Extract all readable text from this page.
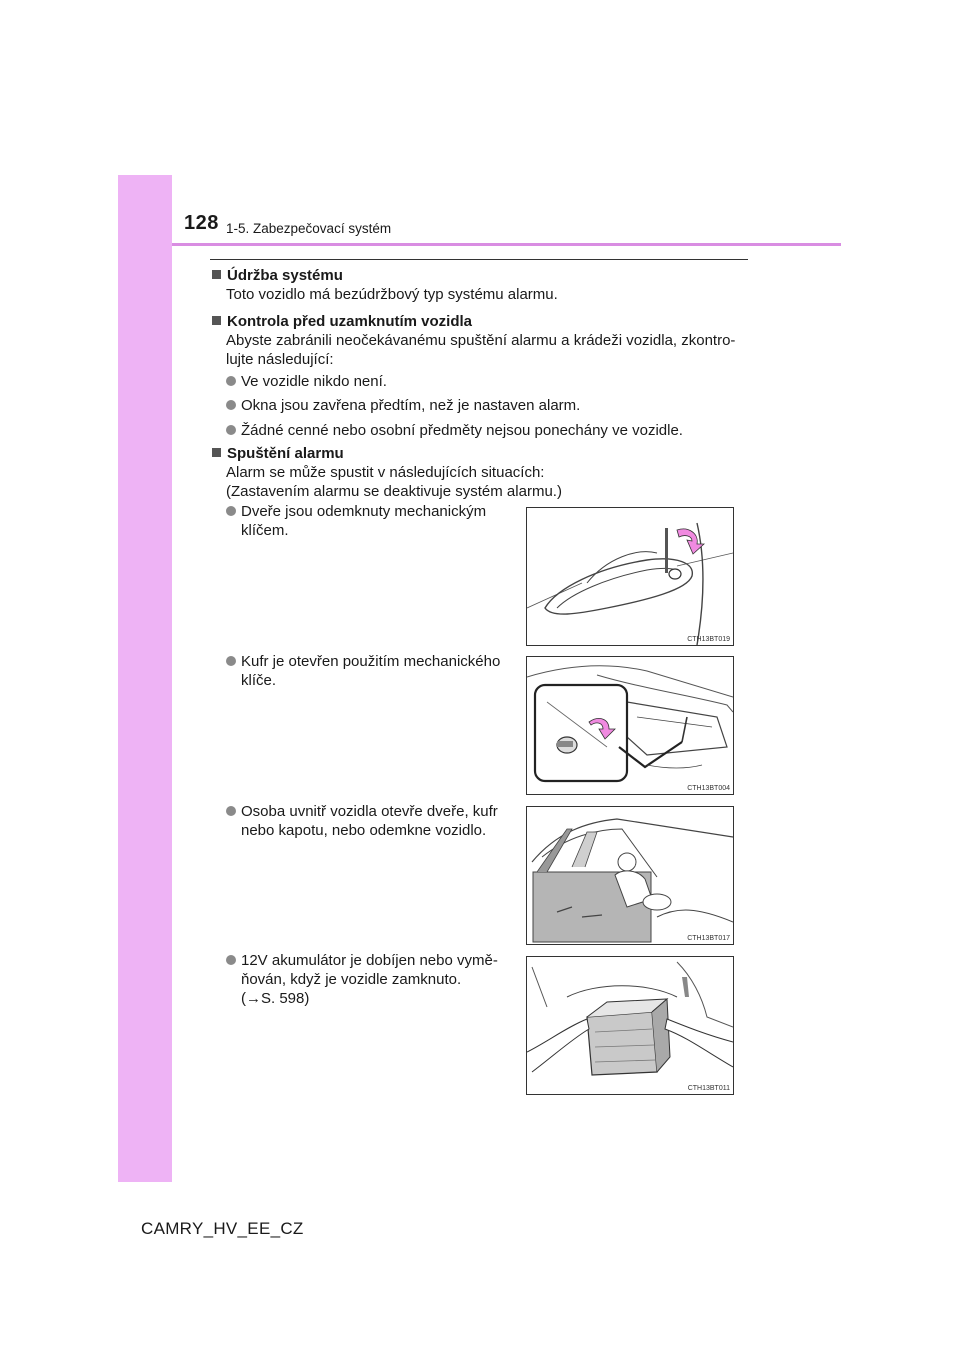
128 1-5. Zabezpečovací systém
Údržba systému
Toto vozidlo má bezúdržbový typ systému alarmu.
Kontrola před uzamknutím vozidla
Abyste zabránili neočekávanému spuštění alarmu a krádeži vozidla, zkontro-
lujte následující:
Ve vozidle nikdo není.
Okna jsou zavřena předtím, než je nastaven alarm.
Žádné cenné nebo osobní předměty nejsou ponechány ve vozidle.
Spuštění alarmu
Alarm se může spustit v následujících situacích:
(Zastavením alarmu se deaktivuje systém alarmu.)
Dveře jsou odemknuty mechanickým
klíčem.
Kufr je otevřen použitím mechanického
klíče.
Osoba uvnitř vozidla otevře dveře, kufr
nebo kapotu, nebo odemkne vozidlo.
12V akumulátor je dobíjen nebo vymě-
ňován, když je vozidle zamknuto.
(→S. 598)
CTH13BT019
CTH13BT004
CTH13BT017
CTH13BT011
CAMRY_HV_EE_CZ
